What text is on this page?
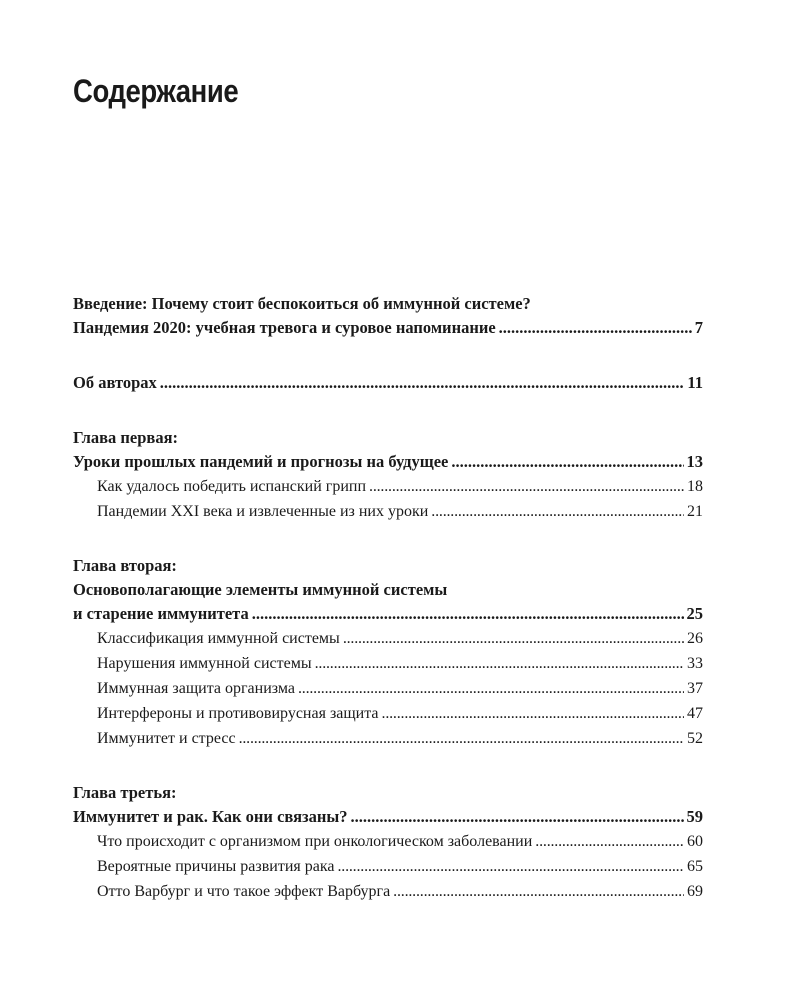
Содержание
Введение: Почему стоит беспокоиться об иммунной системе?
Пандемия 2020: учебная тревога и суровое напоминание .....	7
Об авторах .....	11
Глава первая:
Уроки прошлых пандемий и прогнозы на будущее .....	13
Как удалось победить испанский грипп .....	18
Пандемии XXI века и извлеченные из них уроки .....	21
Глава вторая:
Основополагающие элементы иммунной системы
и старение иммунитета .....	25
Классификация иммунной системы .....	26
Нарушения иммунной системы .....	33
Иммунная защита организма .....	37
Интерфероны и противовирусная защита .....	47
Иммунитет и стресс .....	52
Глава третья:
Иммунитет и рак. Как они связаны? .....	59
Что происходит с организмом при онкологическом заболевании .....	60
Вероятные причины развития рака .....	65
Отто Варбург и что такое эффект Варбурга .....	69
